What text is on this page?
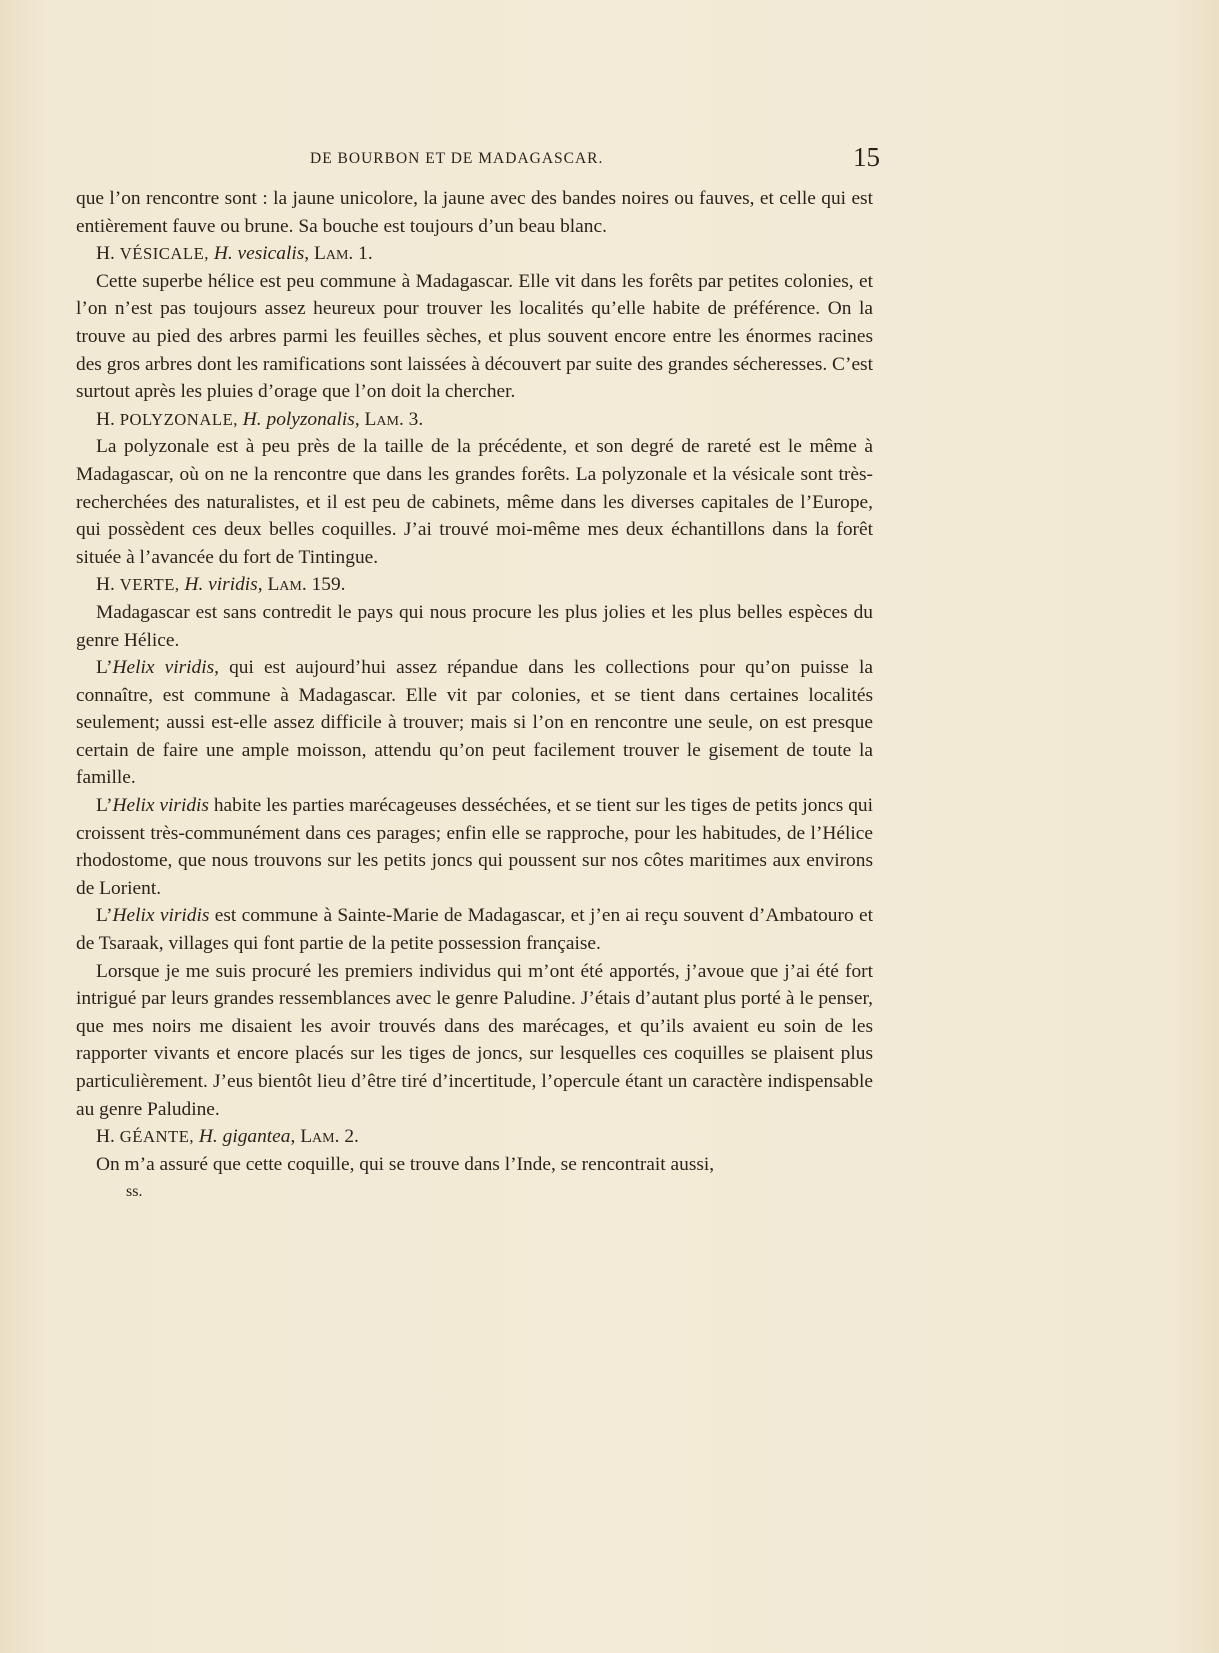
DE BOURBON ET DE MADAGASCAR.	15

que l’on rencontre sont : la jaune unicolore, la jaune avec des bandes noires ou fauves, et celle qui est entièrement fauve ou brune. Sa bouche est toujours d’un beau blanc.

H. VÉSICALE, H. vesicalis, Lam. 1.

Cette superbe hélice est peu commune à Madagascar. Elle vit dans les forêts par petites colonies, et l’on n’est pas toujours assez heureux pour trouver les localités qu’elle habite de préférence. On la trouve au pied des arbres parmi les feuilles sèches, et plus souvent encore entre les énormes racines des gros arbres dont les ramifications sont laissées à découvert par suite des grandes sécheresses. C’est surtout après les pluies d’orage que l’on doit la chercher.

H. POLYZONALE, H. polyzonalis, Lam. 3.

La polyzonale est à peu près de la taille de la précédente, et son degré de rareté est le même à Madagascar, où on ne la rencontre que dans les grandes forêts. La polyzonale et la vésicale sont très-recherchées des naturalistes, et il est peu de cabinets, même dans les diverses capitales de l’Europe, qui possèdent ces deux belles coquilles. J’ai trouvé moi-même mes deux échantillons dans la forêt située à l’avancée du fort de Tintingue.

H. VERTE, H. viridis, Lam. 159.

Madagascar est sans contredit le pays qui nous procure les plus jolies et les plus belles espèces du genre Hélice.

L’Helix viridis, qui est aujourd’hui assez répandue dans les collections pour qu’on puisse la connaître, est commune à Madagascar. Elle vit par colonies, et se tient dans certaines localités seulement; aussi est-elle assez difficile à trouver; mais si l’on en rencontre une seule, on est presque certain de faire une ample moisson, attendu qu’on peut facilement trouver le gisement de toute la famille.

L’Helix viridis habite les parties marécageuses desséchées, et se tient sur les tiges de petits joncs qui croissent très-communément dans ces parages; enfin elle se rapproche, pour les habitudes, de l’Hélice rhodostome, que nous trouvons sur les petits joncs qui poussent sur nos côtes maritimes aux environs de Lorient.

L’Helix viridis est commune à Sainte-Marie de Madagascar, et j’en ai reçu souvent d’Ambatouro et de Tsaraak, villages qui font partie de la petite possession française.

Lorsque je me suis procuré les premiers individus qui m’ont été apportés, j’avoue que j’ai été fort intrigué par leurs grandes ressemblances avec le genre Paludine. J’étais d’autant plus porté à le penser, que mes noirs me disaient les avoir trouvés dans des marécages, et qu’ils avaient eu soin de les rapporter vivants et encore placés sur les tiges de joncs, sur lesquelles ces coquilles se plaisent plus particulièrement. J’eus bientôt lieu d’être tiré d’incertitude, l’opercule étant un caractère indispensable au genre Paludine.

H. GÉANTE, H. gigantea, Lam. 2.

On m’a assuré que cette coquille, qui se trouve dans l’Inde, se rencontrait aussi,

ss.
